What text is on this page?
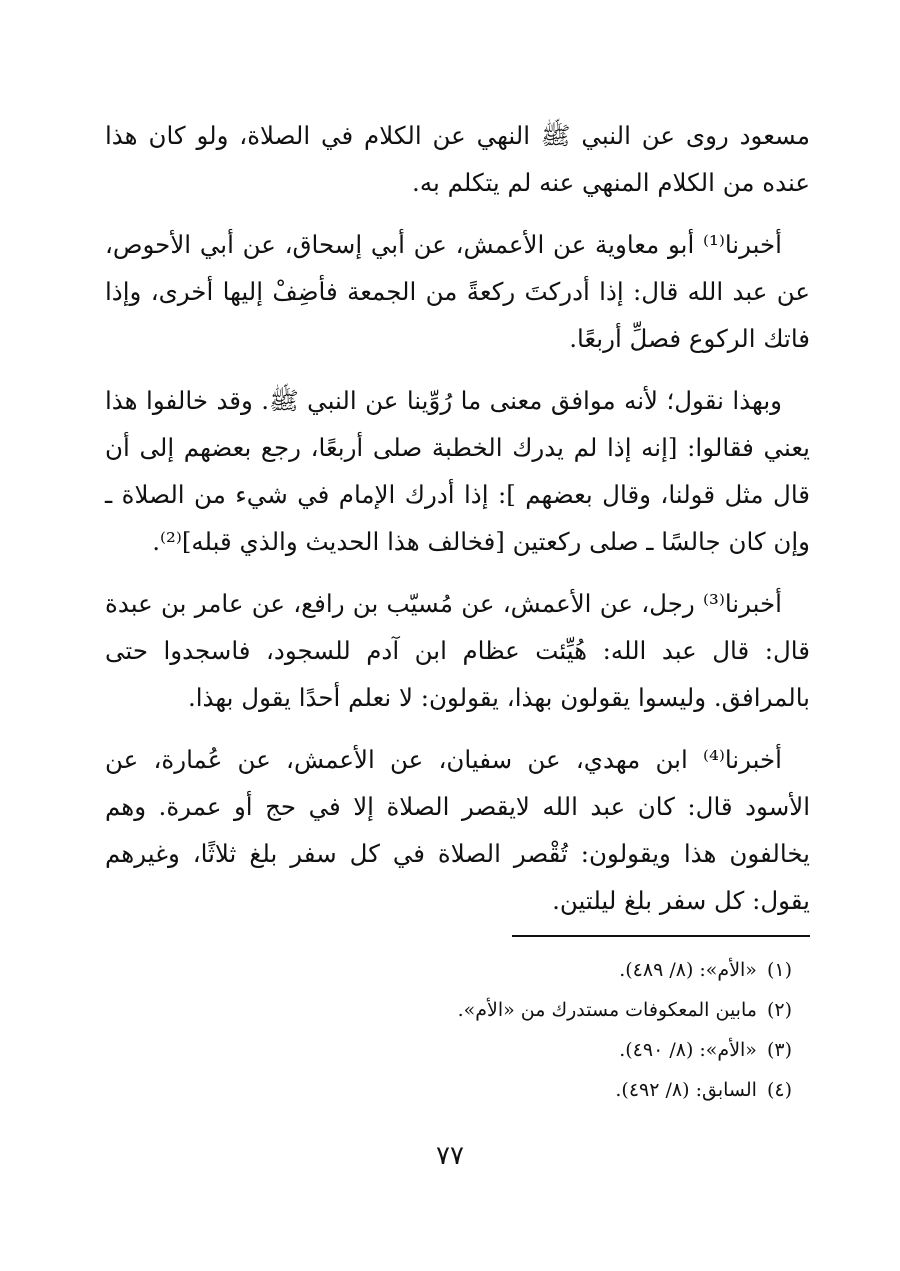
مسعود روى عن النبي ﷺ النهي عن الكلام في الصلاة، ولو كان هذا عنده من الكلام المنهي عنه لم يتكلم به.

أخبرنا⁽¹⁾ أبو معاوية عن الأعمش، عن أبي إسحاق، عن أبي الأحوص، عن عبد الله قال: إذا أدركتَ ركعةً من الجمعة فأضِفْ إليها أخرى، وإذا فاتك الركوع فصلِّ أربعًا.

وبهذا نقول؛ لأنه موافق معنى ما رُوِّينا عن النبي ﷺ. وقد خالفوا هذا يعني فقالوا: [إنه إذا لم يدرك الخطبة صلى أربعًا، رجع بعضهم إلى أن قال مثل قولنا، وقال بعضهم ]: إذا أدرك الإمام في شيء من الصلاة ـ وإن كان جالسًا ـ صلى ركعتين [فخالف هذا الحديث والذي قبله]⁽²⁾.

أخبرنا⁽³⁾ رجل، عن الأعمش، عن مُسيّب بن رافع، عن عامر بن عبدة قال: قال عبد الله: هُيِّئت عظام ابن آدم للسجود، فاسجدوا حتى بالمرافق. وليسوا يقولون بهذا، يقولون: لا نعلم أحدًا يقول بهذا.

أخبرنا⁽⁴⁾ ابن مهدي، عن سفيان، عن الأعمش، عن عُمارة، عن الأسود قال: كان عبد الله لايقصر الصلاة إلا في حج أو عمرة. وهم يخالفون هذا ويقولون: تُقْصر الصلاة في كل سفر بلغ ثلاثًا، وغيرهم يقول: كل سفر بلغ ليلتين.

(١)«الأم»: (٨/ ٤٨٩).
(٢)مابين المعكوفات مستدرك من «الأم».
(٣)«الأم»: (٨/ ٤٩٠).
(٤)السابق: (٨/ ٤٩٢).
٧٧
